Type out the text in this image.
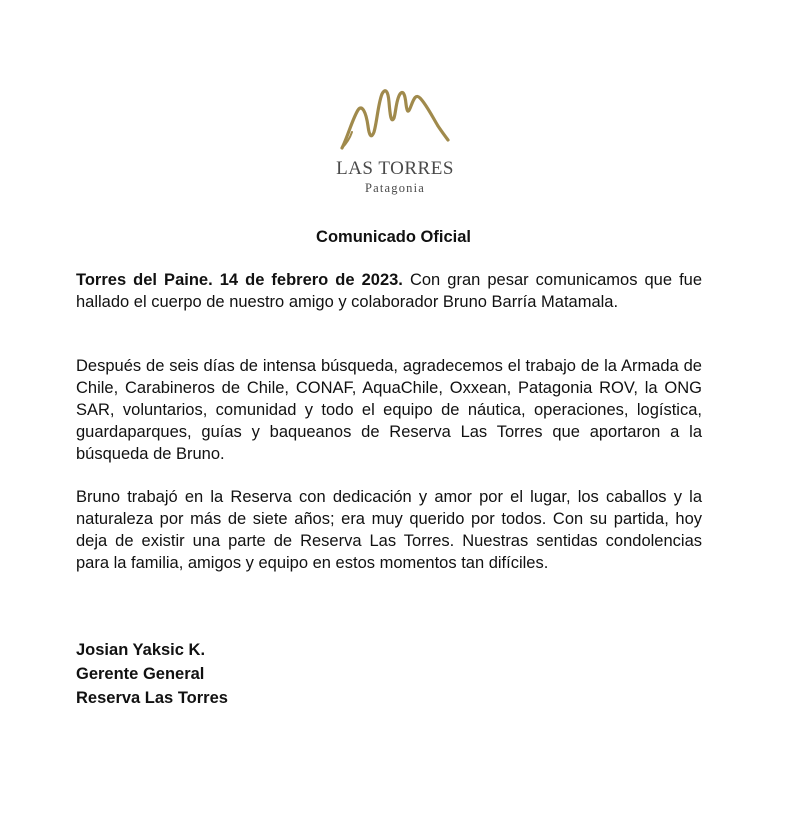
LAS TORRES
Patagonia
Comunicado Oficial

Torres del Paine. 14 de febrero de 2023. Con gran pesar comunicamos que fue hallado el cuerpo de nuestro amigo y colaborador Bruno Barría Matamala.

Después de seis días de intensa búsqueda, agradecemos el trabajo de la Armada de Chile, Carabineros de Chile, CONAF, AquaChile, Oxxean, Patagonia ROV, la ONG SAR, voluntarios, comunidad y todo el equipo de náutica, operaciones, logística, guardaparques, guías y baqueanos de Reserva Las Torres que aportaron a la búsqueda de Bruno.

Bruno trabajó en la Reserva con dedicación y amor por el lugar, los caballos y la naturaleza por más de siete años; era muy querido por todos. Con su partida, hoy deja de existir una parte de Reserva Las Torres. Nuestras sentidas condolencias para la familia, amigos y equipo en estos momentos tan difíciles.

Josian Yaksic K.
Gerente General
Reserva Las Torres
